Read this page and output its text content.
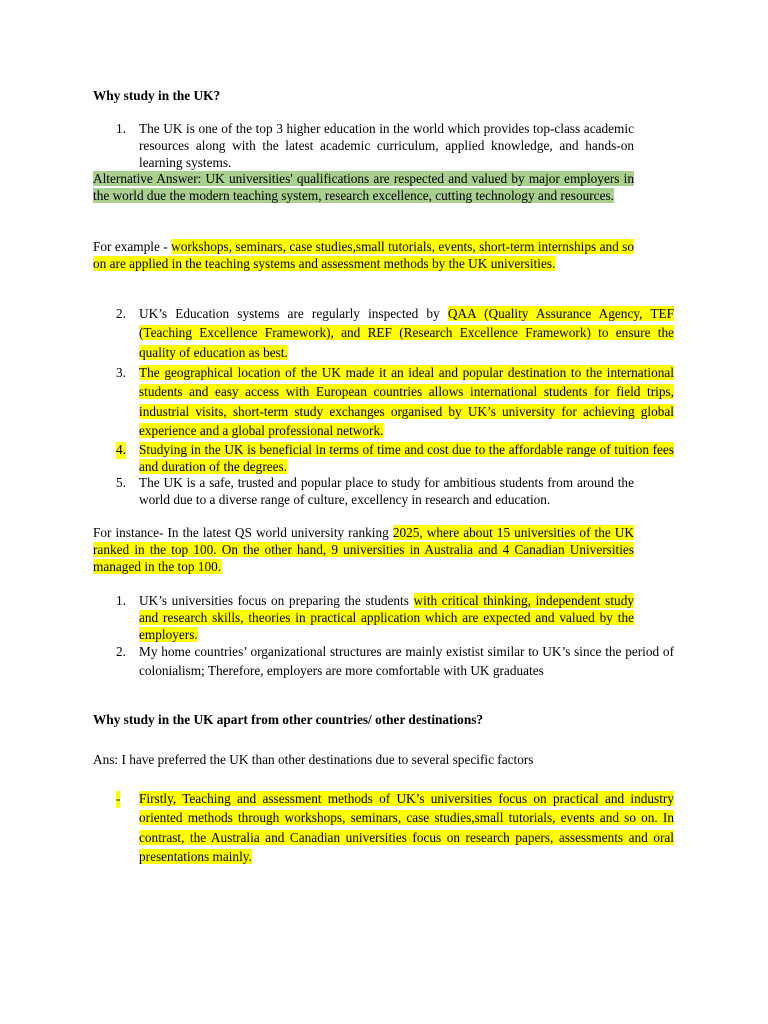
Why study in the UK?
1. The UK is one of the top 3 higher education in the world which provides top-class academic resources along with the latest academic curriculum, applied knowledge, and hands-on learning systems.
Alternative Answer: UK universities' qualifications are respected and valued by major employers in the world due the modern teaching system, research excellence, cutting technology and resources.
For example - workshops, seminars, case studies,small tutorials, events, short-term internships and so on are applied in the teaching systems and assessment methods by the UK universities.
2. UK’s Education systems are regularly inspected by QAA (Quality Assurance Agency, TEF (Teaching Excellence Framework), and REF (Research Excellence Framework) to ensure the quality of education as best.
3. The geographical location of the UK made it an ideal and popular destination to the international students and easy access with European countries allows international students for field trips, industrial visits, short-term study exchanges organised by UK’s university for achieving global experience and a global professional network.
4. Studying in the UK is beneficial in terms of time and cost due to the affordable range of tuition fees and duration of the degrees.
5. The UK is a safe, trusted and popular place to study for ambitious students from around the world due to a diverse range of culture, excellency in research and education.
For instance- In the latest QS world university ranking 2025, where about 15 universities of the UK ranked in the top 100. On the other hand, 9 universities in Australia and 4 Canadian Universities managed in the top 100.
1. UK’s universities focus on preparing the students with critical thinking, independent study and research skills, theories in practical application which are expected and valued by the employers.
2. My home countries’ organizational structures are mainly existist similar to UK’s since the period of colonialism; Therefore, employers are more comfortable with UK graduates
Why study in the UK apart from other countries/ other destinations?
Ans: I have preferred the UK than other destinations due to several specific factors
- Firstly, Teaching and assessment methods of UK’s universities focus on practical and industry oriented methods through workshops, seminars, case studies,small tutorials, events and so on. In contrast, the Australia and Canadian universities focus on research papers, assessments and oral presentations mainly.
